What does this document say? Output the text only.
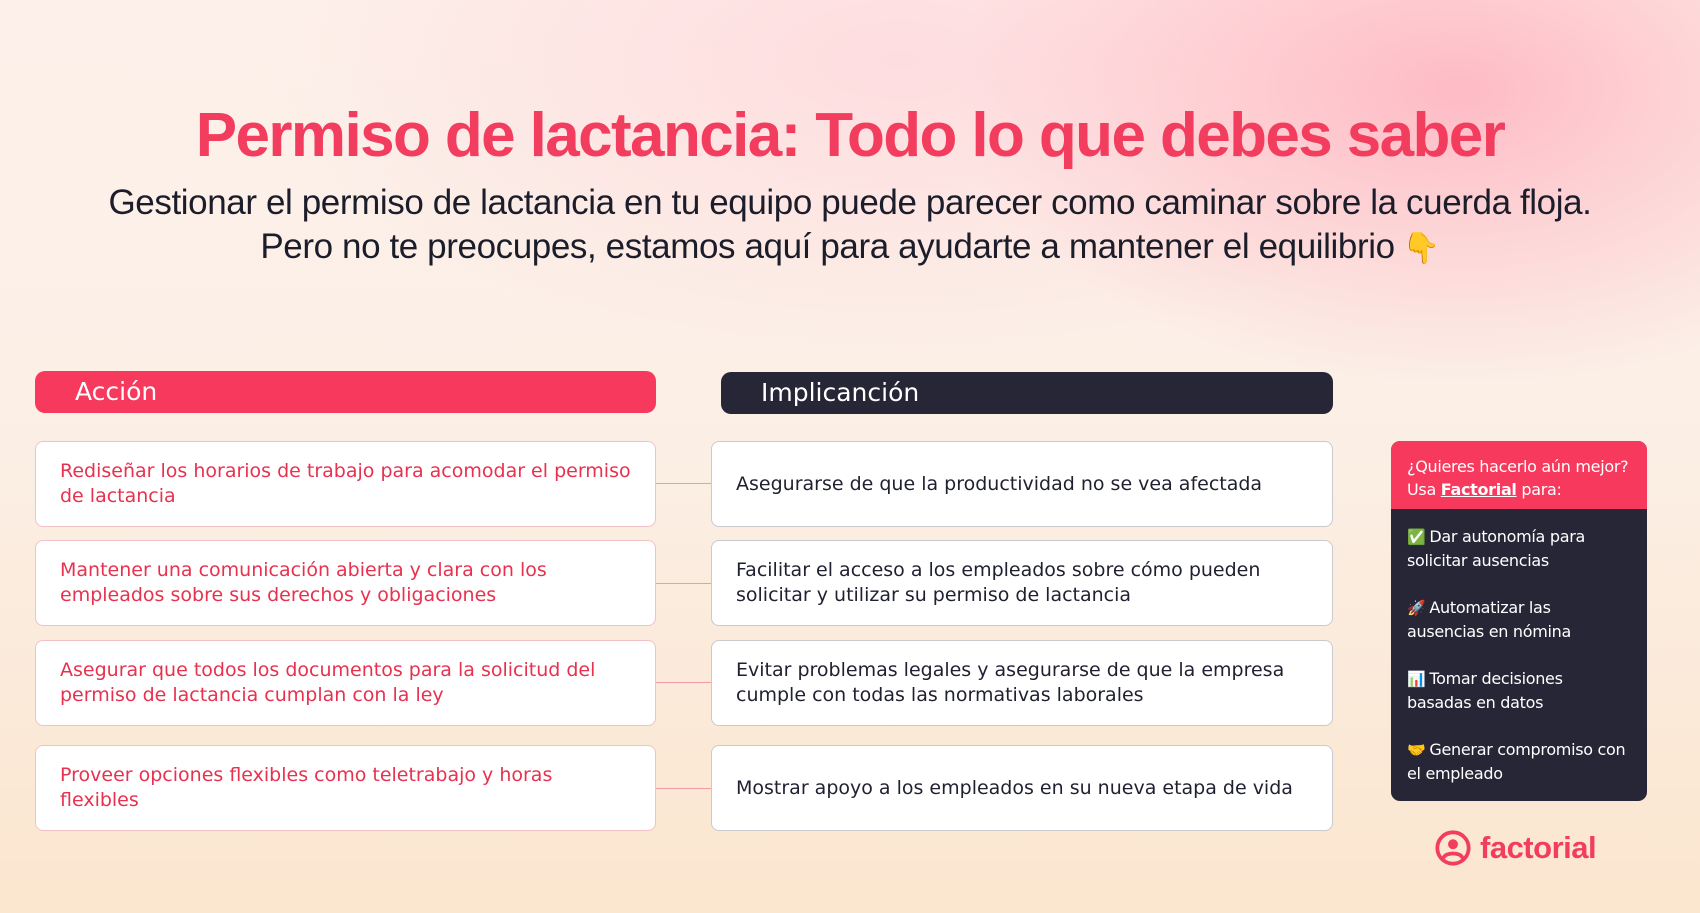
Permiso de lactancia: Todo lo que debes saber

Gestionar el permiso de lactancia en tu equipo puede parecer como caminar sobre la cuerda floja. Pero no te preocupes, estamos aquí para ayudarte a mantener el equilibrio 👇

Acción	Implicanción
Rediseñar los horarios de trabajo para acomodar el permiso de lactancia
Asegurarse de que la productividad no se vea afectada
Mantener una comunicación abierta y clara con los empleados sobre sus derechos y obligaciones
Facilitar el acceso a los empleados sobre cómo pueden solicitar y utilizar su permiso de lactancia
Asegurar que todos los documentos para la solicitud del permiso de lactancia cumplan con la ley
Evitar problemas legales y asegurarse de que la empresa cumple con todas las normativas laborales
Proveer opciones flexibles como teletrabajo y horas flexibles
Mostrar apoyo a los empleados en su nueva etapa de vida
¿Quieres hacerlo aún mejor?
Usa Factorial para:
✅ Dar autonomía para solicitar ausencias
🚀 Automatizar las ausencias en nómina
📊 Tomar decisiones basadas en datos
🤝 Generar compromiso con el empleado
factorial
